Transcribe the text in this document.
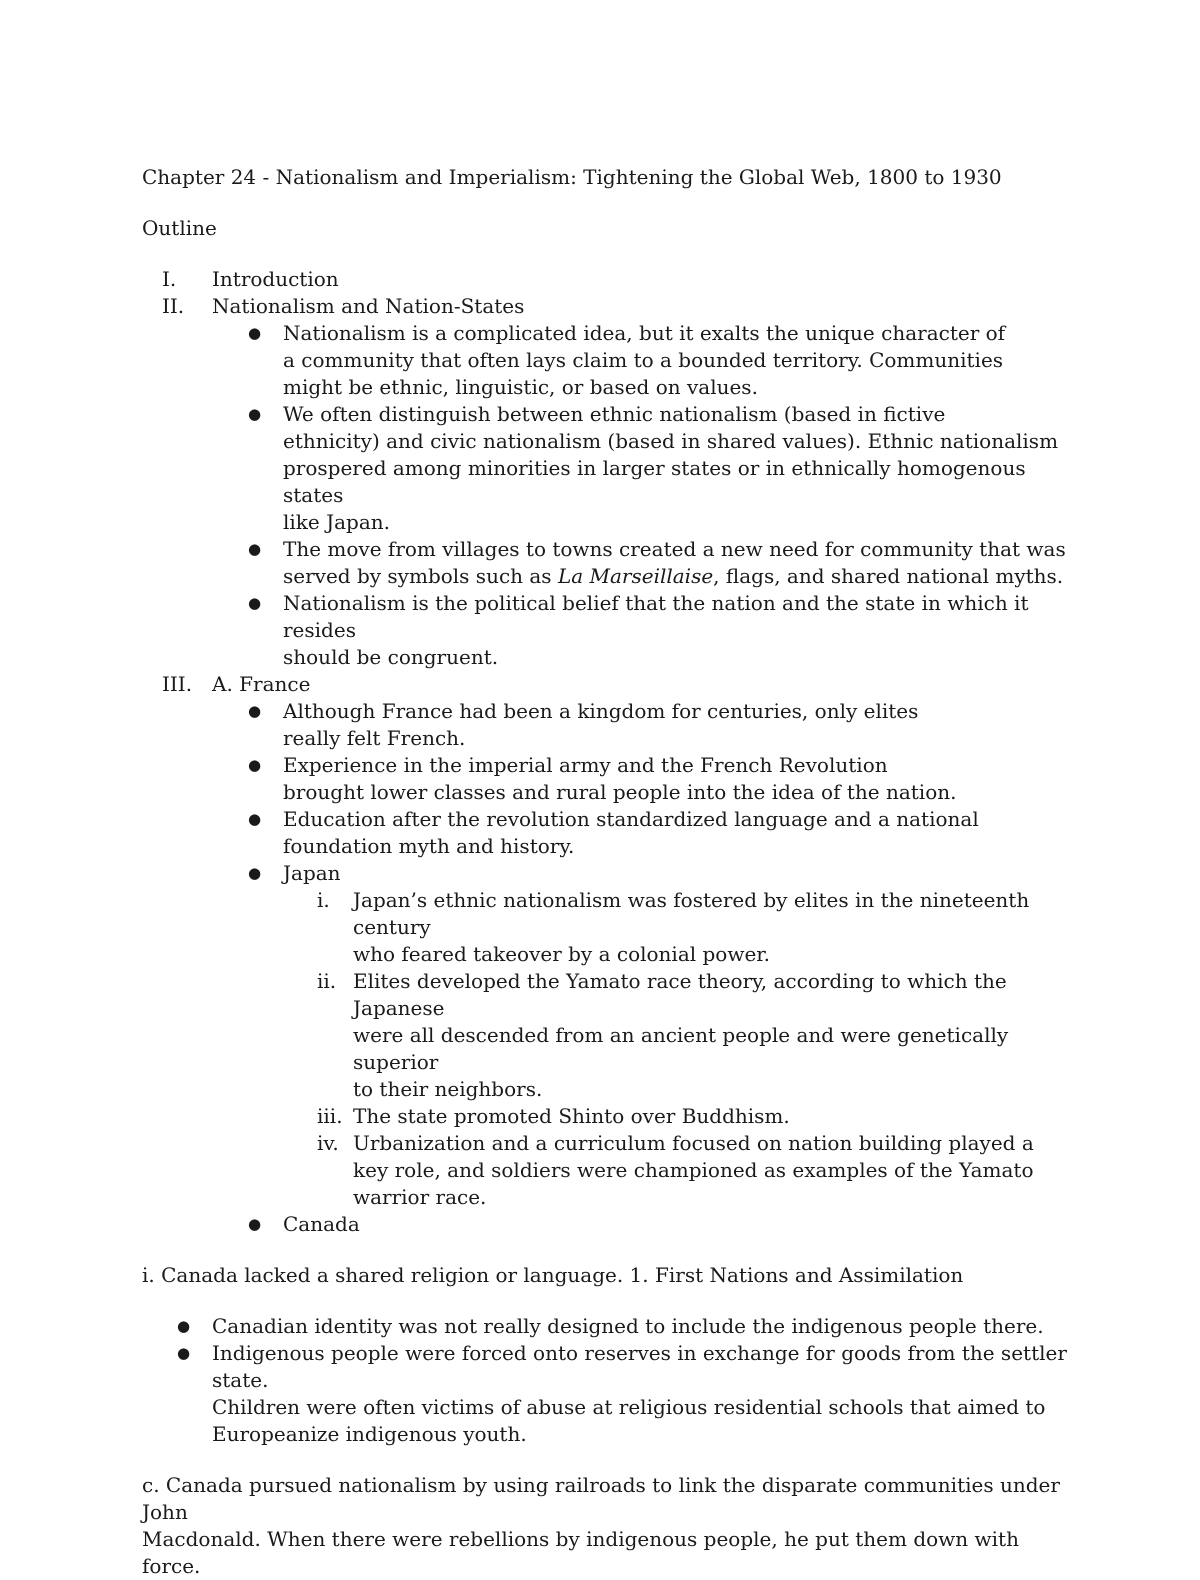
Chapter 24 - Nationalism and Imperialism: Tightening the Global Web, 1800 to 1930

Outline

I. Introduction
II. Nationalism and Nation-States
● Nationalism is a complicated idea, but it exalts the unique character of
a community that often lays claim to a bounded territory. Communities
might be ethnic, linguistic, or based on values.
● We often distinguish between ethnic nationalism (based in fictive
ethnicity) and civic nationalism (based in shared values). Ethnic nationalism
prospered among minorities in larger states or in ethnically homogenous states
like Japan.
● The move from villages to towns created a new need for community that was
served by symbols such as La Marseillaise, flags, and shared national myths.
● Nationalism is the political belief that the nation and the state in which it resides
should be congruent.
III. A. France
● Although France had been a kingdom for centuries, only elites
really felt French.
● Experience in the imperial army and the French Revolution
brought lower classes and rural people into the idea of the nation.
● Education after the revolution standardized language and a national
foundation myth and history.
● Japan
i. Japan’s ethnic nationalism was fostered by elites in the nineteenth century
who feared takeover by a colonial power.
ii. Elites developed the Yamato race theory, according to which the Japanese
were all descended from an ancient people and were genetically superior
to their neighbors.
iii. The state promoted Shinto over Buddhism.
iv. Urbanization and a curriculum focused on nation building played a
key role, and soldiers were championed as examples of the Yamato
warrior race.
● Canada

i. Canada lacked a shared religion or language. 1. First Nations and Assimilation

● Canadian identity was not really designed to include the indigenous people there.
● Indigenous people were forced onto reserves in exchange for goods from the settler state.
Children were often victims of abuse at religious residential schools that aimed to
Europeanize indigenous youth.
c. Canada pursued nationalism by using railroads to link the disparate communities under John
Macdonald. When there were rebellions by indigenous people, he put them down with force.
